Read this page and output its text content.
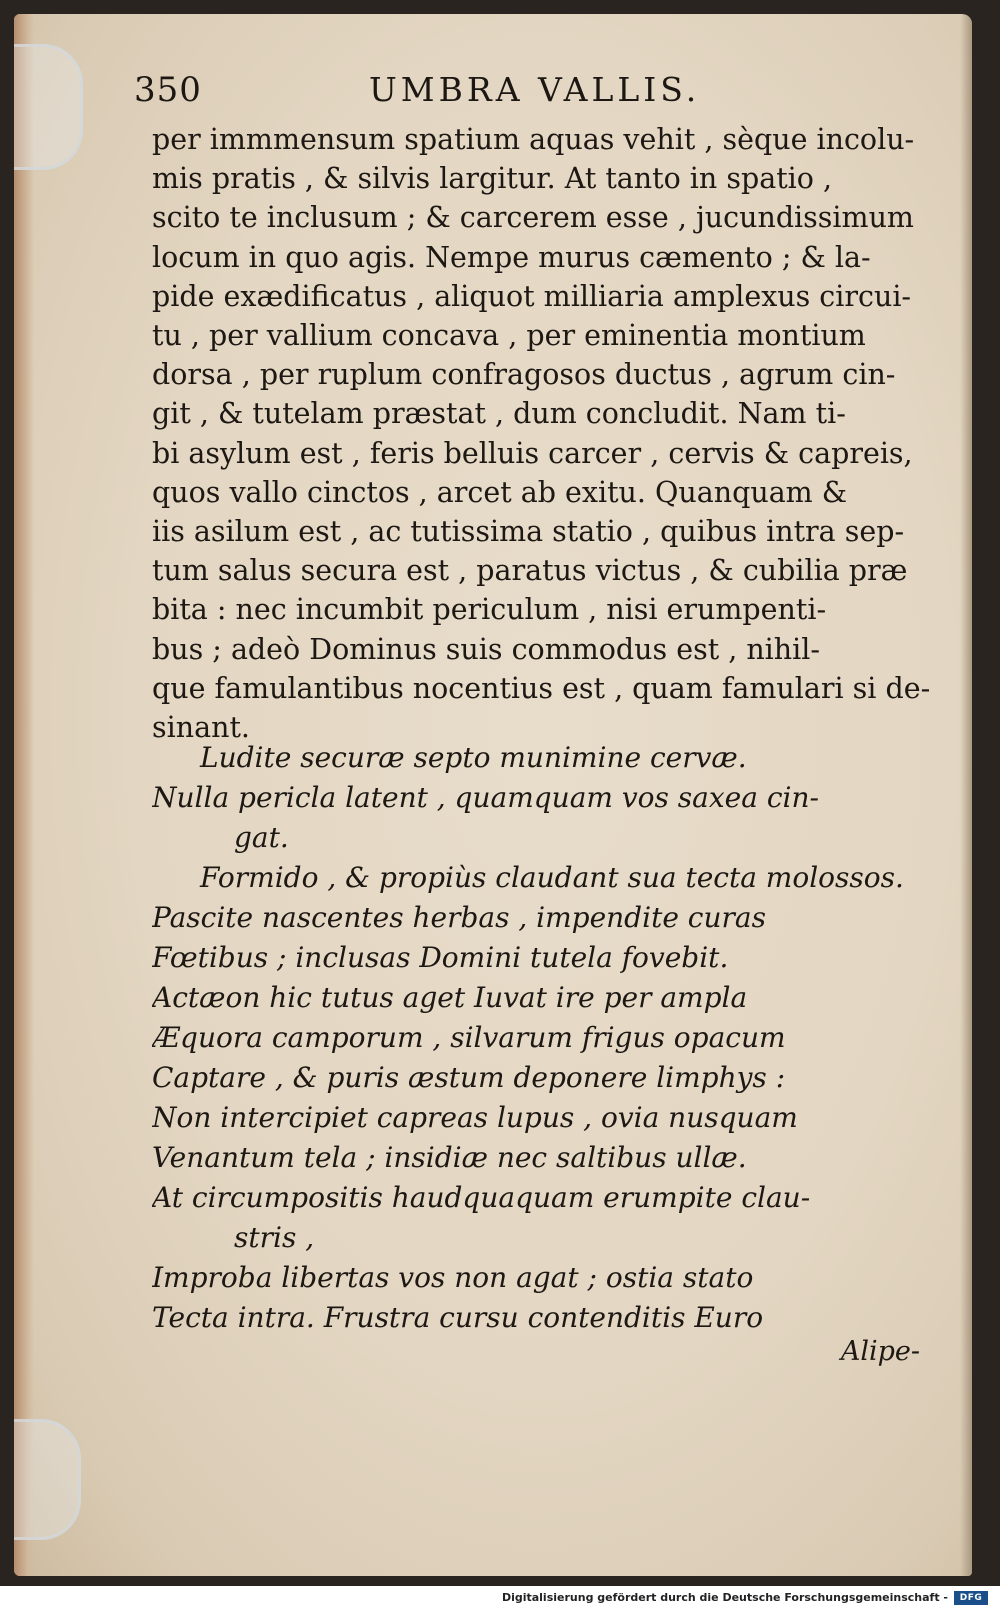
350	UMBRA VALLIS.
per immmensum spatium aquas vehit , sèque incolu-
mis pratis , & silvis largitur. At tanto in spatio ,
scito te inclusum ; & carcerem esse , jucundissimum
locum in quo agis. Nempe murus cæmento ; & la-
pide exædificatus , aliquot milliaria amplexus circui-
tu , per vallium concava , per eminentia montium
dorsa , per ruplum confragosos ductus , agrum cin-
git , & tutelam præstat , dum concludit. Nam ti-
bi asylum est , feris belluis carcer , cervis & capreis,
quos vallo cinctos , arcet ab exitu. Quanquam &
iis asilum est , ac tutissima statio , quibus intra sep-
tum salus secura est , paratus victus , & cubilia præ
bita : nec incumbit periculum , nisi erumpenti-
bus ; adeò Dominus suis commodus est , nihil-
que famulantibus nocentius est , quam famulari si de-
sinant.
Ludite securæ septo munimine cervæ.
Nulla pericla latent , quamquam vos saxea cin-
gat.
Formido , & propiùs claudant sua tecta molossos.
Pascite nascentes herbas , impendite curas
Fœtibus ; inclusas Domini tutela fovebit.
Actæon hic tutus aget Iuvat ire per ampla
Æquora camporum , silvarum frigus opacum
Captare , & puris æstum deponere limphys :
Non intercipiet capreas lupus , ovia nusquam
Venantum tela ; insidiæ nec saltibus ullæ.
At circumpositis haudquaquam erumpite clau-
stris ,
Improba libertas vos non agat ; ostia stato
Tecta intra. Frustra cursu contenditis Euro
Alipe-
Digitalisierung gefördert durch die Deutsche Forschungsgemeinschaft -	DFG
